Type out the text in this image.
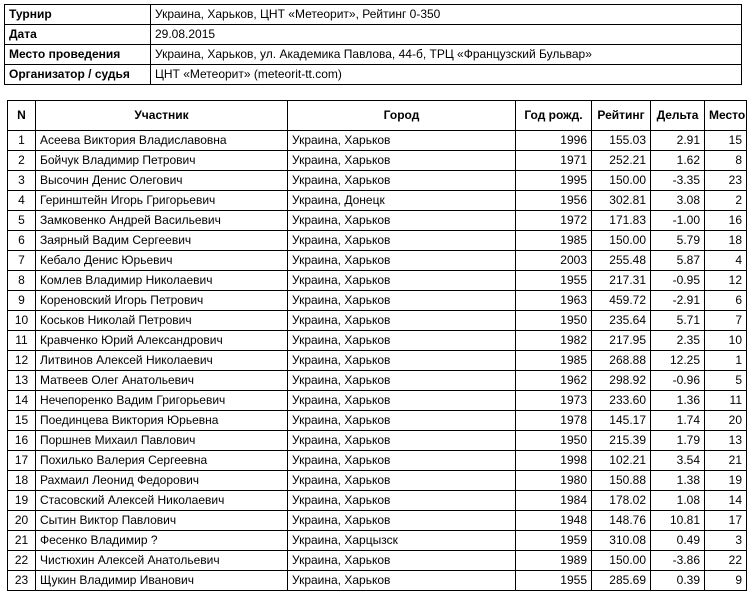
Турнир	Украина, Харьков, ЦНТ «Метеорит», Рейтинг 0-350
Дата	29.08.2015
Место проведения	Украина, Харьков, ул. Академика Павлова, 44-б, ТРЦ «Французский Бульвар»
Организатор / судья	ЦНТ «Метеорит» (meteorit-tt.com)
N	Участник	Город	Год рожд.	Рейтинг	Дельта	Место
1	Асеева Виктория Владиславовна	Украина, Харьков	1996	155.03	2.91	15
2	Бойчук Владимир Петрович	Украина, Харьков	1971	252.21	1.62	8
3	Высочин Денис Олегович	Украина, Харьков	1995	150.00	-3.35	23
4	Геринштейн Игорь Григорьевич	Украина, Донецк	1956	302.81	3.08	2
5	Замковенко Андрей Васильевич	Украина, Харьков	1972	171.83	-1.00	16
6	Заярный Вадим Сергеевич	Украина, Харьков	1985	150.00	5.79	18
7	Кебало Денис Юрьевич	Украина, Харьков	2003	255.48	5.87	4
8	Комлев Владимир Николаевич	Украина, Харьков	1955	217.31	-0.95	12
9	Кореновский Игорь Петрович	Украина, Харьков	1963	459.72	-2.91	6
10	Коськов Николай Петрович	Украина, Харьков	1950	235.64	5.71	7
11	Кравченко Юрий Александрович	Украина, Харьков	1982	217.95	2.35	10
12	Литвинов Алексей Николаевич	Украина, Харьков	1985	268.88	12.25	1
13	Матвеев Олег Анатольевич	Украина, Харьков	1962	298.92	-0.96	5
14	Нечепоренко Вадим Григорьевич	Украина, Харьков	1973	233.60	1.36	11
15	Поединцева Виктория Юрьевна	Украина, Харьков	1978	145.17	1.74	20
16	Поршнев Михаил Павлович	Украина, Харьков	1950	215.39	1.79	13
17	Похилько Валерия Сергеевна	Украина, Харьков	1998	102.21	3.54	21
18	Рахмаил Леонид Федорович	Украина, Харьков	1980	150.88	1.38	19
19	Стасовский Алексей Николаевич	Украина, Харьков	1984	178.02	1.08	14
20	Сытин Виктор Павлович	Украина, Харьков	1948	148.76	10.81	17
21	Фесенко Владимир ?	Украина, Харцызск	1959	310.08	0.49	3
22	Чистюхин Алексей Анатольевич	Украина, Харьков	1989	150.00	-3.86	22
23	Щукин Владимир Иванович	Украина, Харьков	1955	285.69	0.39	9
